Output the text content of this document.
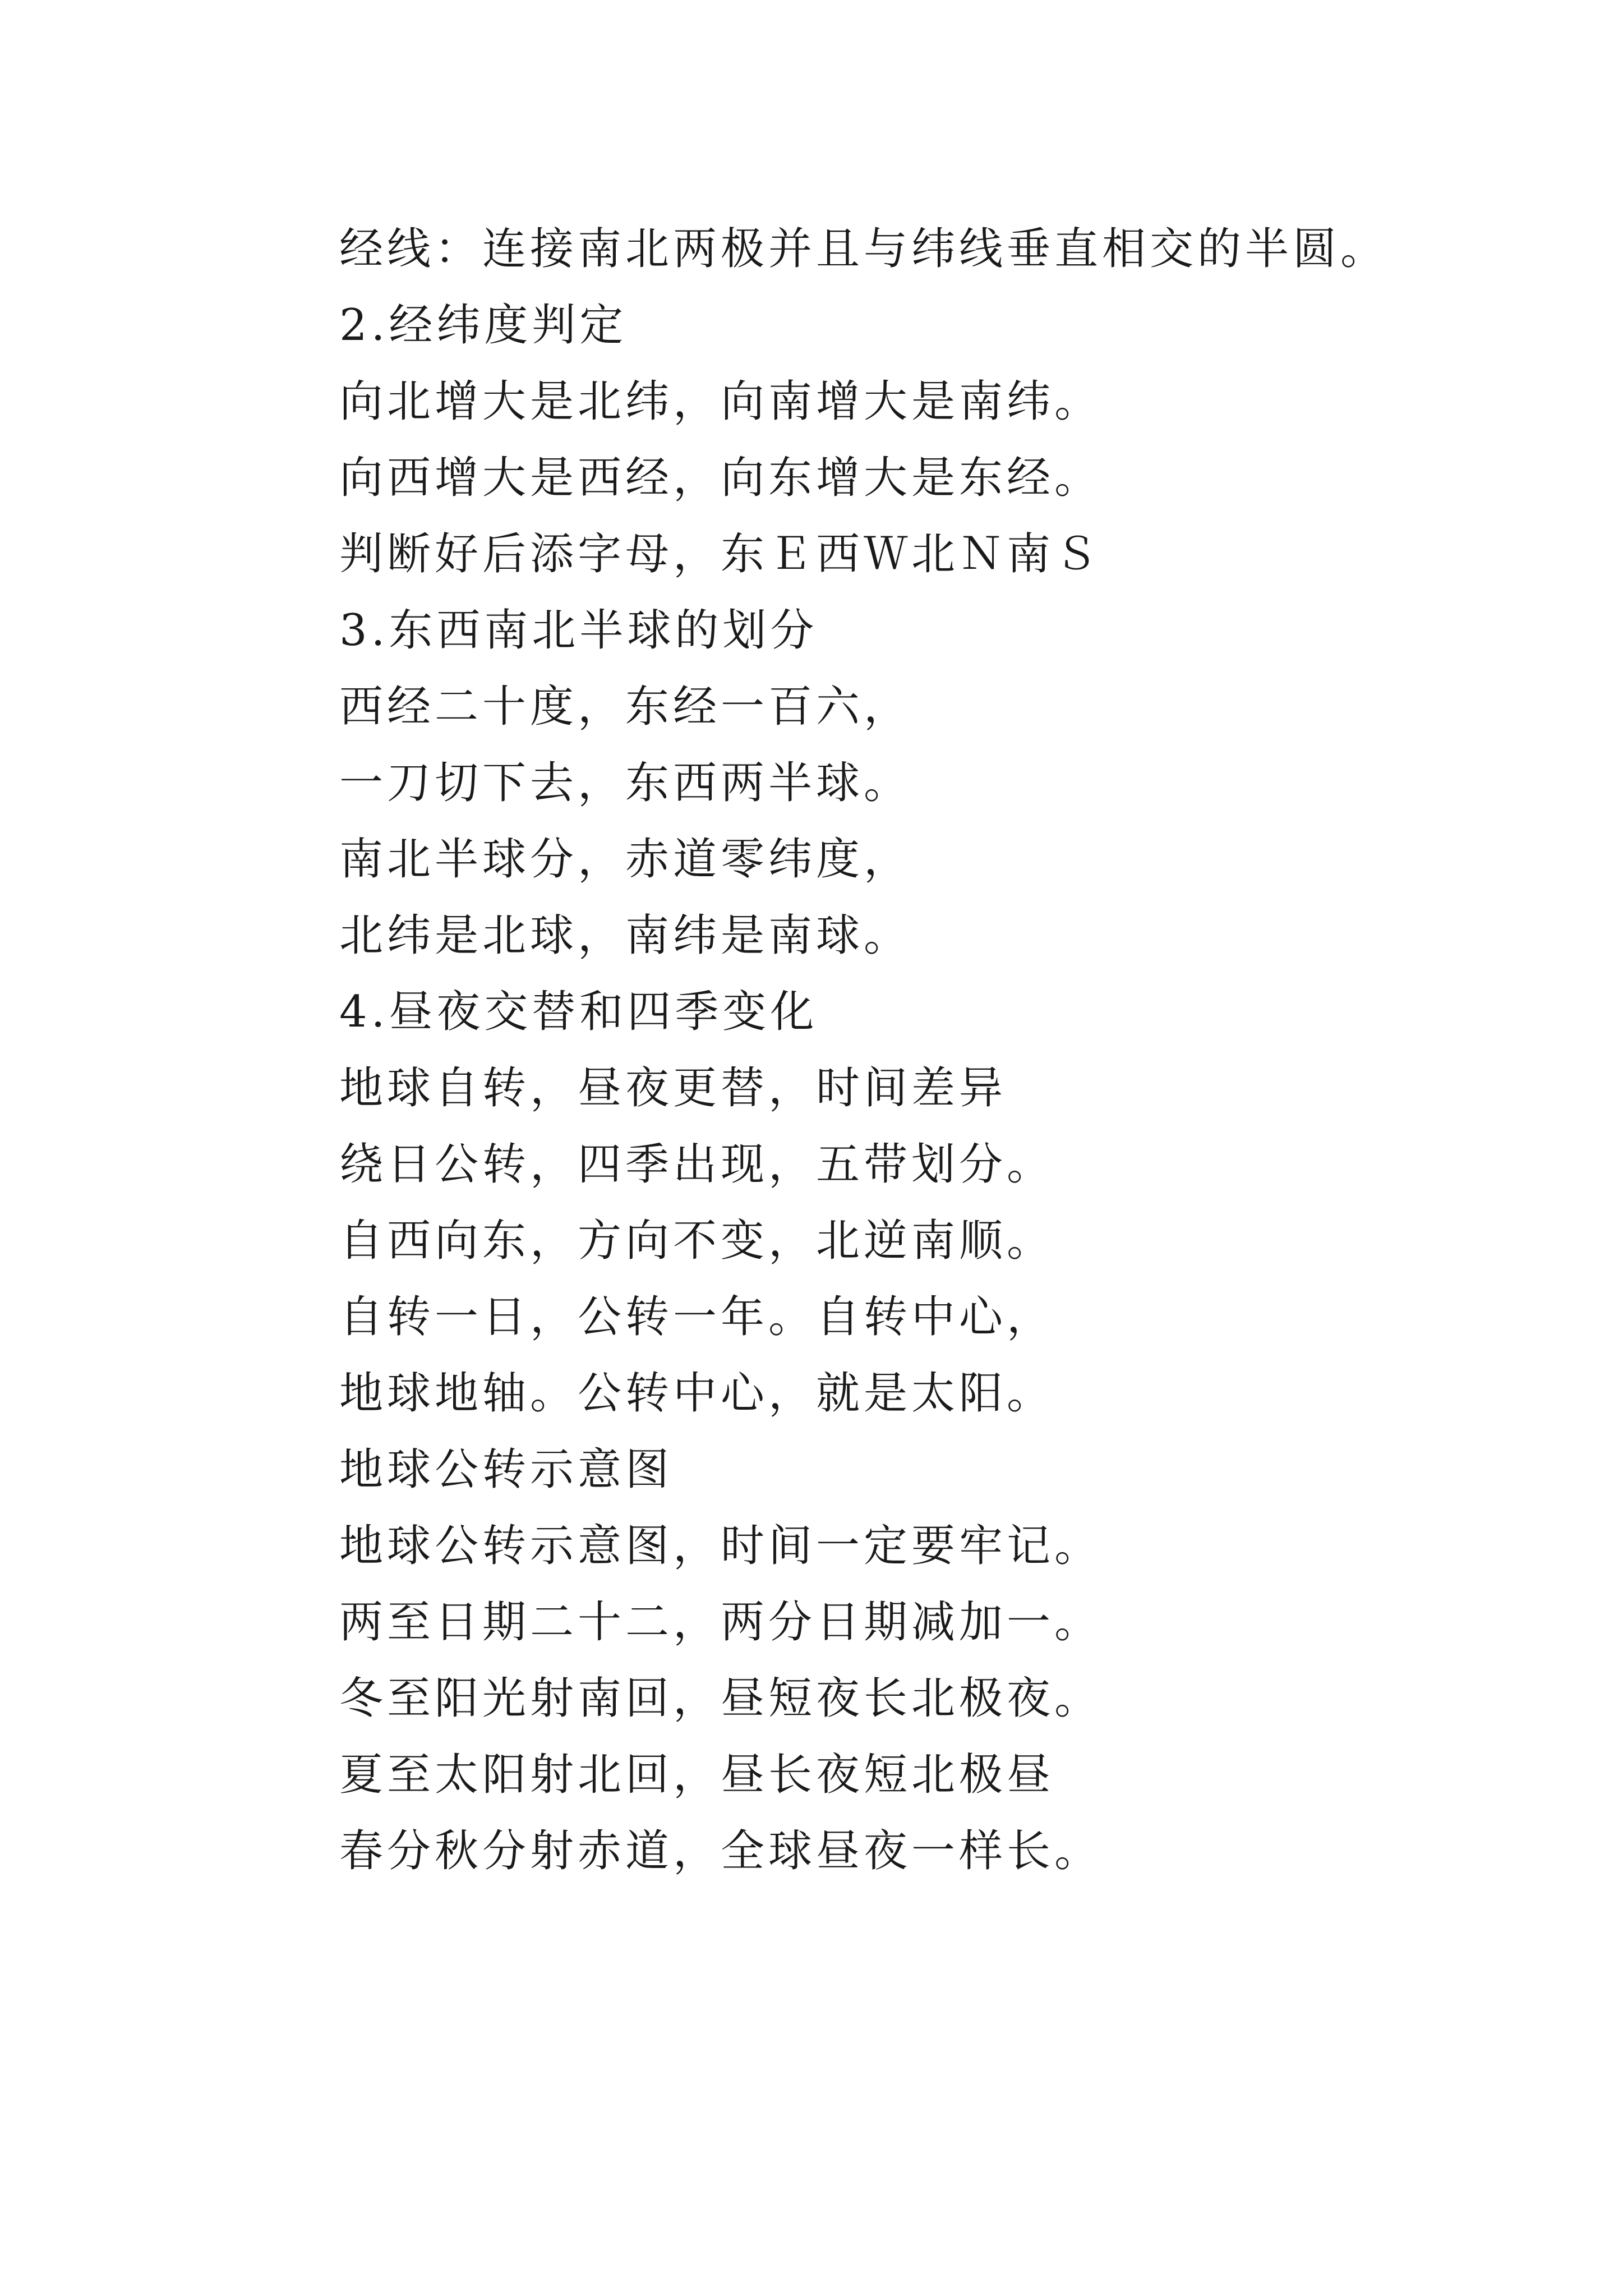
经线：连接南北两极并且与纬线垂直相交的半圆。
2.经纬度判定
向北增大是北纬，向南增大是南纬。
向西增大是西经，向东增大是东经。
判断好后添字母，东Ｅ西Ｗ北Ｎ南Ｓ
3.东西南北半球的划分
西经二十度，东经一百六，
一刀切下去，东西两半球。
南北半球分，赤道零纬度，
北纬是北球，南纬是南球。
4.昼夜交替和四季变化
地球自转，昼夜更替，时间差异
绕日公转，四季出现，五带划分。
自西向东，方向不变，北逆南顺。
自转一日，公转一年。自转中心，
地球地轴。公转中心，就是太阳。
地球公转示意图
地球公转示意图，时间一定要牢记。
两至日期二十二，两分日期减加一。
冬至阳光射南回，昼短夜长北极夜。
夏至太阳射北回，昼长夜短北极昼
春分秋分射赤道，全球昼夜一样长。
